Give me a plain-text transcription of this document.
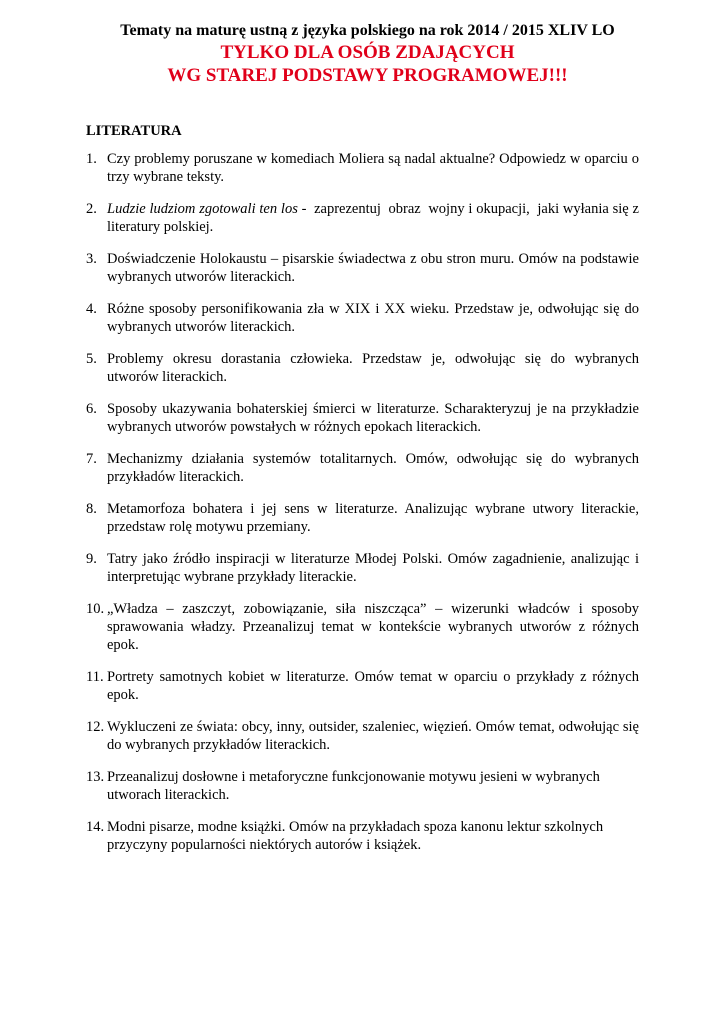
Tematy na maturę ustną z języka polskiego na rok 2014 / 2015 XLIV LO
TYLKO DLA OSÓB ZDAJĄCYCH
WG STAREJ PODSTAWY PROGRAMOWEJ!!!
LITERATURA
1. Czy problemy poruszane w komediach Moliera są nadal aktualne? Odpowiedz w oparciu o trzy wybrane teksty.
2. Ludzie ludziom zgotowali ten los -  zaprezentuj  obraz  wojny i okupacji,  jaki wyłania się z literatury polskiej.
3. Doświadczenie Holokaustu – pisarskie świadectwa z obu stron muru. Omów na podstawie wybranych utworów literackich.
4. Różne sposoby personifikowania zła w XIX i XX wieku. Przedstaw je, odwołując się do wybranych utworów literackich.
5. Problemy okresu dorastania człowieka. Przedstaw je, odwołując się do wybranych utworów literackich.
6. Sposoby ukazywania bohaterskiej śmierci w literaturze. Scharakteryzuj je na przykładzie wybranych utworów powstałych w różnych epokach literackich.
7. Mechanizmy działania systemów totalitarnych. Omów, odwołując się do wybranych przykładów literackich.
8. Metamorfoza bohatera i jej sens w literaturze. Analizując wybrane utwory literackie, przedstaw rolę motywu przemiany.
9. Tatry jako źródło inspiracji w literaturze Młodej Polski. Omów zagadnienie, analizując i interpretując wybrane przykłady literackie.
10. „Władza – zaszczyt, zobowiązanie, siła niszcząca” – wizerunki władców i sposoby sprawowania władzy. Przeanalizuj temat w kontekście wybranych utworów z różnych epok.
11. Portrety samotnych kobiet w literaturze. Omów temat w oparciu o przykłady z różnych epok.
12. Wykluczeni ze świata: obcy, inny, outsider, szaleniec, więzień. Omów temat, odwołując się do wybranych przykładów literackich.
13. Przeanalizuj dosłowne i metaforyczne funkcjonowanie motywu jesieni w wybranych utworach literackich.
14. Modni pisarze, modne książki. Omów na przykładach spoza kanonu lektur szkolnych przyczyny popularności niektórych autorów i książek.
